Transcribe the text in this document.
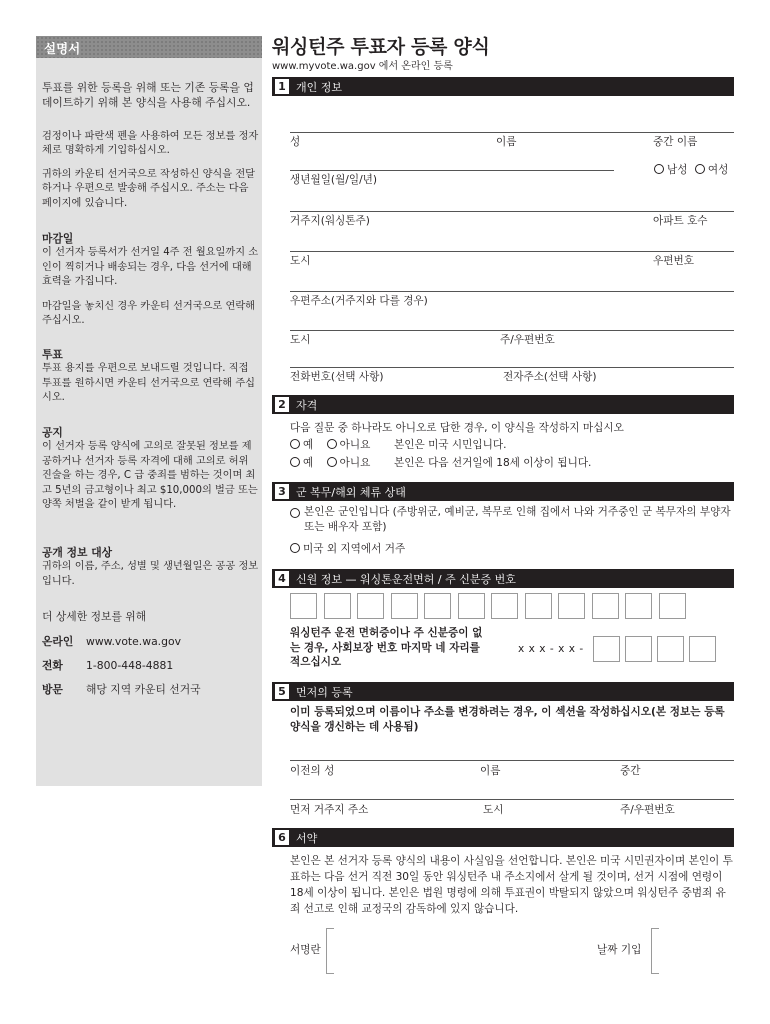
설명서
투표를 위한 등록을 위해 또는 기존 등록을 업데이트하기 위해 본 양식을 사용해 주십시오.
검정이나 파란색 펜을 사용하여 모든 정보를 정자체로 명확하게 기입하십시오.
귀하의 카운티 선거국으로 작성하신 양식을 전달하거나 우편으로 발송해 주십시오. 주소는 다음 페이지에 있습니다.
마감일
이 선거자 등록서가 선거일 4주 전 월요일까지 소인이 찍히거나 배송되는 경우, 다음 선거에 대해 효력을 가집니다.
마감일을 놓치신 경우 카운티 선거국으로 연락해 주십시오.
투표
투표 용지를 우편으로 보내드릴 것입니다. 직접 투표를 원하시면 카운티 선거국으로 연락해 주십시오.
공지
이 선거자 등록 양식에 고의로 잘못된 정보를 제공하거나 선거자 등록 자격에 대해 고의로 허위 진술을 하는 경우, C 급 중죄를 범하는 것이며 최고 5년의 금고형이나 최고 $10,000의 벌금 또는 양쪽 처벌을 같이 받게 됩니다.
공개 정보 대상
귀하의 이름, 주소, 성별 및 생년월일은 공공 정보입니다.
더 상세한 정보를 위해
온라인 www.vote.wa.gov
전화 1-800-448-4881
방문 해당 지역 카운티 선거국
워싱턴주 투표자 등록 양식
www.myvote.wa.gov 에서 온라인 등록
1 개인 정보
성	이름	중간 이름
남성 여성
생년월일(월/일/년)
거주지(워싱톤주)	아파트 호수
도시	우편번호
우편주소(거주지와 다를 경우)
도시	주/우편번호
전화번호(선택 사항)	전자주소(선택 사항)
2 자격
다음 질문 중 하나라도 아니오로 답한 경우, 이 양식을 작성하지 마십시오
예 아니요 본인은 미국 시민입니다.
예 아니요 본인은 다음 선거일에 18세 이상이 됩니다.
3 군 복무/해외 체류 상태
본인은 군인입니다 (주방위군, 예비군, 복무로 인해 집에서 나와 거주중인 군 복무자의 부양자 또는 배우자 포함)
미국 외 지역에서 거주
4 신원 정보 — 워싱톤운전면허 / 주 신분증 번호
워싱턴주 운전 면허증이나 주 신분증이 없는 경우, 사회보장 번호 마지막 네 자리를 적으십시오
x x x - x x -
5 먼저의 등록
이미 등록되었으며 이름이나 주소를 변경하려는 경우, 이 섹션을 작성하십시오(본 정보는 등록 양식을 갱신하는 데 사용됨)
이전의 성	이름	중간
먼저 거주지 주소	도시	주/우편번호
6 서약
본인은 본 선거자 등록 양식의 내용이 사실임을 선언합니다. 본인은 미국 시민권자이며 본인이 투표하는 다음 선거 직전 30일 동안 워싱턴주 내 주소지에서 살게 될 것이며, 선거 시점에 연령이 18세 이상이 됩니다. 본인은 법원 명령에 의해 투표권이 박탈되지 않았으며 워싱턴주 중범죄 유죄 선고로 인해 교정국의 감독하에 있지 않습니다.
서명란	날짜 기입
